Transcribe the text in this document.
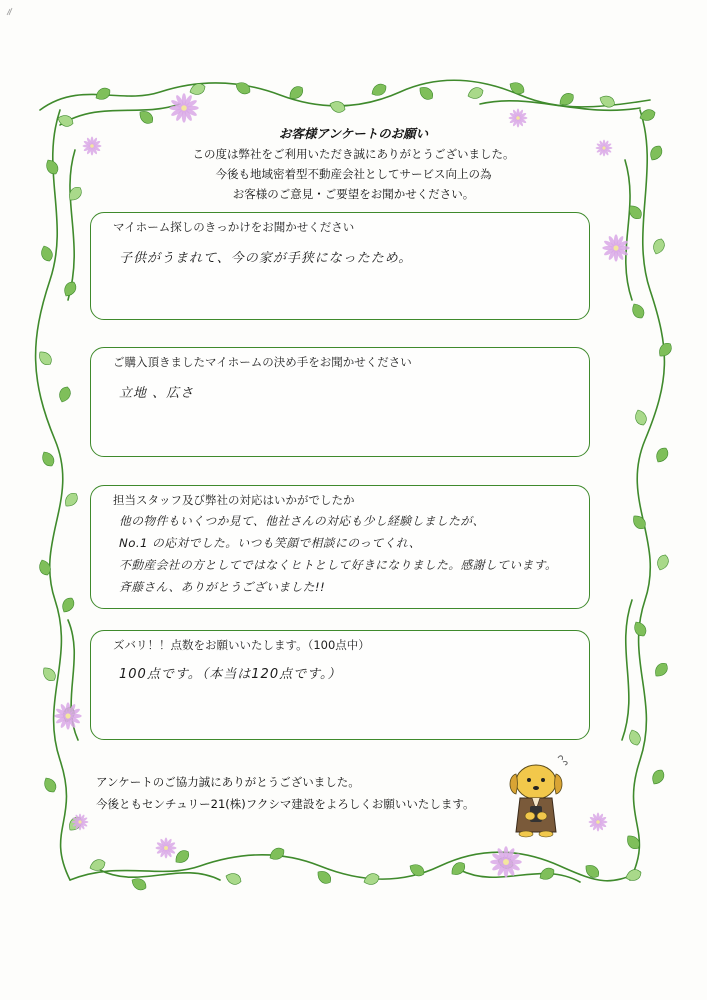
お客様アンケートのお願い
この度は弊社をご利用いただき誠にありがとうございました。
今後も地域密着型不動産会社としてサービス向上の為
お客様のご意見・ご要望をお聞かせください。
マイホーム探しのきっかけをお聞かせください
子供がうまれて、今の家が手狭になったため。
ご購入頂きましたマイホームの決め手をお聞かせください
立地 、広さ
担当スタッフ及び弊社の対応はいかがでしたか
他の物件もいくつか見て、他社さんの対応も少し経験しましたが、
No.1 の応対でした。いつも笑顔で相談にのってくれ、
不動産会社の方としてではなくヒトとして好きになりました。感謝しています。
斉藤さん、ありがとうございました!!
ズバリ！！点数をお願いいたします。（100点中）
100点です。（本当は120点です。）
アンケートのご協力誠にありがとうございました。
今後ともセンチュリー21(株)フクシマ建設をよろしくお願いいたします。
